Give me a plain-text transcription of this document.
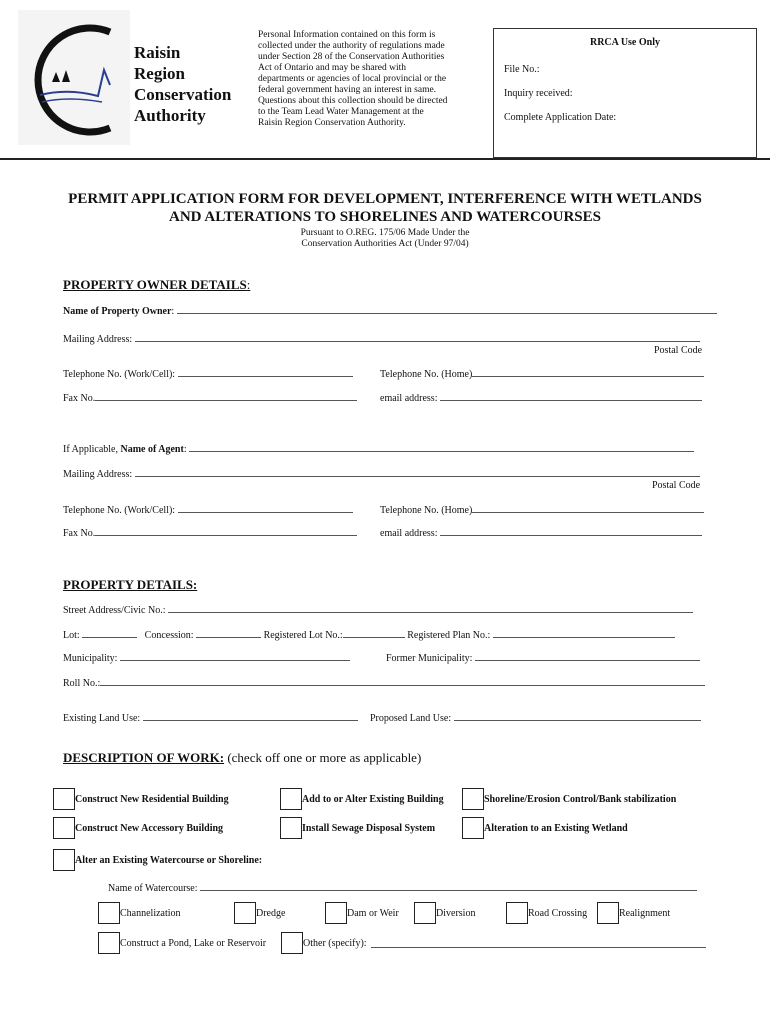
Raisin
Region
Conservation
Authority
Personal Information contained on this form is
collected under the authority of regulations made
under Section 28 of the Conservation Authorities
Act of Ontario and may be shared with
departments or agencies of local provincial or the
federal government having an interest in same.
Questions about this collection should be directed
to the Team Lead Water Management at the
Raisin Region Conservation Authority.
RRCA Use Only
File No.:
Inquiry received:
Complete Application Date:
PERMIT APPLICATION FORM FOR DEVELOPMENT, INTERFERENCE WITH WETLANDS
AND ALTERATIONS TO SHORELINES AND WATERCOURSES
Pursuant to O.REG. 175/06 Made Under the
Conservation Authorities Act (Under 97/04)
PROPERTY OWNER DETAILS:
Name of Property Owner:
Mailing Address:
Postal Code
Telephone No. (Work/Cell):	Telephone No. (Home)
Fax No.	email address:
If Applicable, Name of Agent:
Mailing Address:
Postal Code
Telephone No. (Work/Cell):	Telephone No. (Home)
Fax No.	email address:
PROPERTY DETAILS:
Street Address/Civic No.:
Lot:	Concession:	Registered Lot No.:	Registered Plan No.:
Municipality:	Former Municipality:
Roll No.:
Existing Land Use:	Proposed Land Use:
DESCRIPTION OF WORK: (check off one or more as applicable)
Construct New Residential Building	Add to or Alter Existing Building	Shoreline/Erosion Control/Bank stabilization
Construct New Accessory Building	Install Sewage Disposal System	Alteration to an Existing Wetland
Alter an Existing Watercourse or Shoreline:
Name of Watercourse:
Channelization	Dredge	Dam or Weir	Diversion	Road Crossing	Realignment
Construct a Pond, Lake or Reservoir	Other (specify):
